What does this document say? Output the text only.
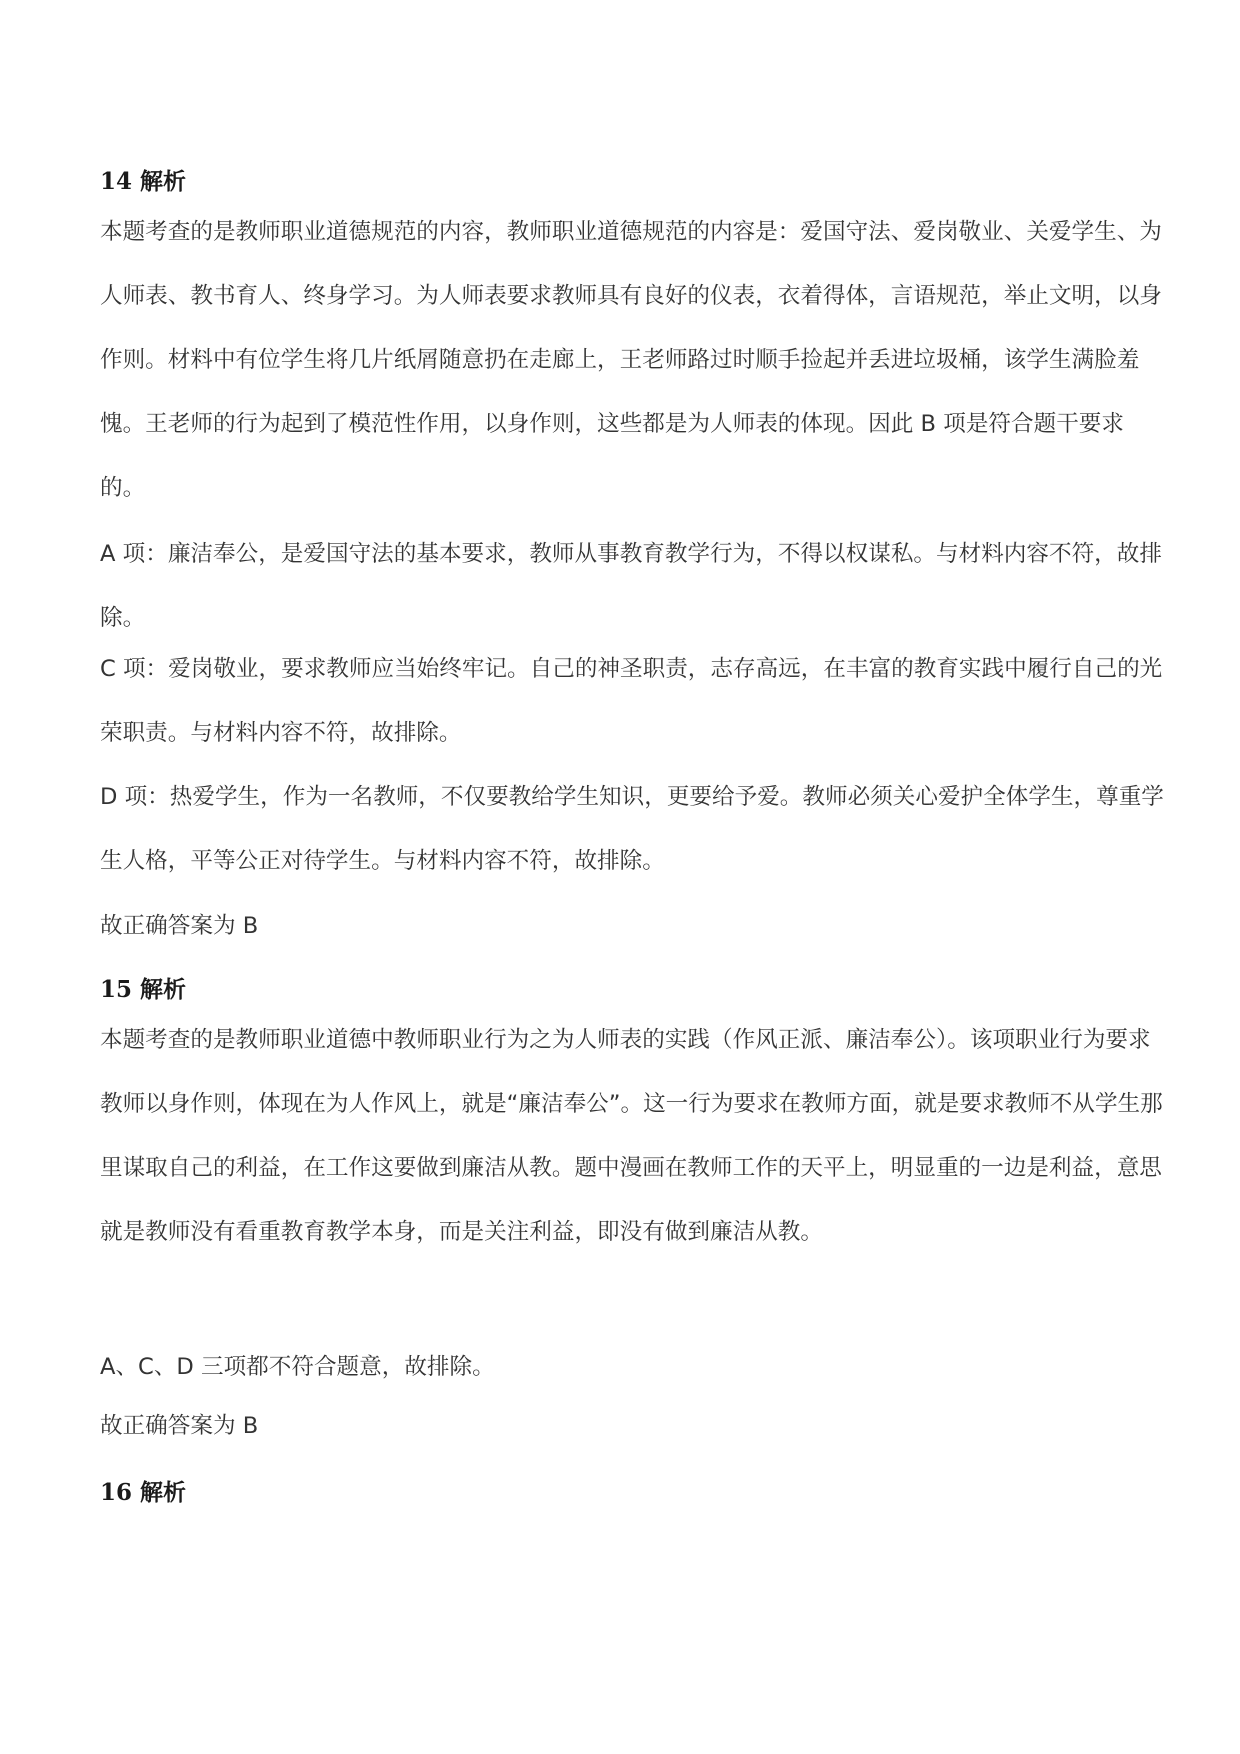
14 解析

本题考查的是教师职业道德规范的内容，教师职业道德规范的内容是：爱国守法、爱岗敬业、关爱学生、为人师表、教书育人、终身学习。为人师表要求教师具有良好的仪表，衣着得体，言语规范，举止文明，以身作则。材料中有位学生将几片纸屑随意扔在走廊上，王老师路过时顺手捡起并丢进垃圾桶，该学生满脸羞愧。王老师的行为起到了模范性作用，以身作则，这些都是为人师表的体现。因此 B 项是符合题干要求的。

A 项：廉洁奉公，是爱国守法的基本要求，教师从事教育教学行为，不得以权谋私。与材料内容不符，故排除。

C 项：爱岗敬业，要求教师应当始终牢记。自己的神圣职责，志存高远，在丰富的教育实践中履行自己的光荣职责。与材料内容不符，故排除。

D 项：热爱学生，作为一名教师，不仅要教给学生知识，更要给予爱。教师必须关心爱护全体学生，尊重学生人格，平等公正对待学生。与材料内容不符，故排除。

故正确答案为 B

15 解析

本题考查的是教师职业道德中教师职业行为之为人师表的实践（作风正派、廉洁奉公）。该项职业行为要求教师以身作则，体现在为人作风上，就是“廉洁奉公”。这一行为要求在教师方面，就是要求教师不从学生那里谋取自己的利益，在工作这要做到廉洁从教。题中漫画在教师工作的天平上，明显重的一边是利益，意思就是教师没有看重教育教学本身，而是关注利益，即没有做到廉洁从教。

A、C、D 三项都不符合题意，故排除。

故正确答案为 B

16 解析
